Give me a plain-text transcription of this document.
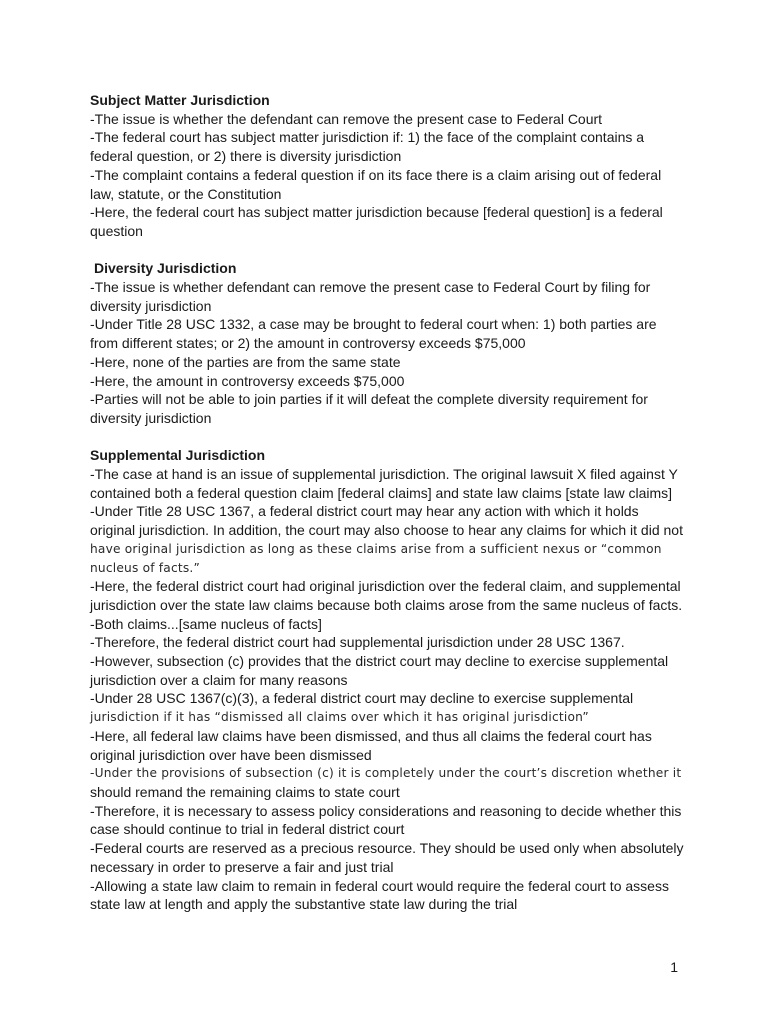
Subject Matter Jurisdiction
-The issue is whether the defendant can remove the present case to Federal Court
-The federal court has subject matter jurisdiction if: 1) the face of the complaint contains a
federal question, or 2) there is diversity jurisdiction
-The complaint contains a federal question if on its face there is a claim arising out of federal
law, statute, or the Constitution
-Here, the federal court has subject matter jurisdiction because [federal question] is a federal
question
Diversity Jurisdiction
-The issue is whether defendant can remove the present case to Federal Court by filing for
diversity jurisdiction
-Under Title 28 USC 1332, a case may be brought to federal court when: 1) both parties are
from different states; or 2) the amount in controversy exceeds $75,000
-Here, none of the parties are from the same state
-Here, the amount in controversy exceeds $75,000
-Parties will not be able to join parties if it will defeat the complete diversity requirement for
diversity jurisdiction
Supplemental Jurisdiction
-The case at hand is an issue of supplemental jurisdiction. The original lawsuit X filed against Y
contained both a federal question claim [federal claims] and state law claims [state law claims]
-Under Title 28 USC 1367, a federal district court may hear any action with which it holds
original jurisdiction. In addition, the court may also choose to hear any claims for which it did not
have original jurisdiction as long as these claims arise from a sufficient nexus or “common
nucleus of facts.”
-Here, the federal district court had original jurisdiction over the federal claim, and supplemental
jurisdiction over the state law claims because both claims arose from the same nucleus of facts.
-Both claims...[same nucleus of facts]
-Therefore, the federal district court had supplemental jurisdiction under 28 USC 1367.
-However, subsection (c) provides that the district court may decline to exercise supplemental
jurisdiction over a claim for many reasons
-Under 28 USC 1367(c)(3), a federal district court may decline to exercise supplemental
jurisdiction if it has “dismissed all claims over which it has original jurisdiction”
-Here, all federal law claims have been dismissed, and thus all claims the federal court has
original jurisdiction over have been dismissed
-Under the provisions of subsection (c) it is completely under the court’s discretion whether it
should remand the remaining claims to state court
-Therefore, it is necessary to assess policy considerations and reasoning to decide whether this
case should continue to trial in federal district court
-Federal courts are reserved as a precious resource. They should be used only when absolutely
necessary in order to preserve a fair and just trial
-Allowing a state law claim to remain in federal court would require the federal court to assess
state law at length and apply the substantive state law during the trial
1
